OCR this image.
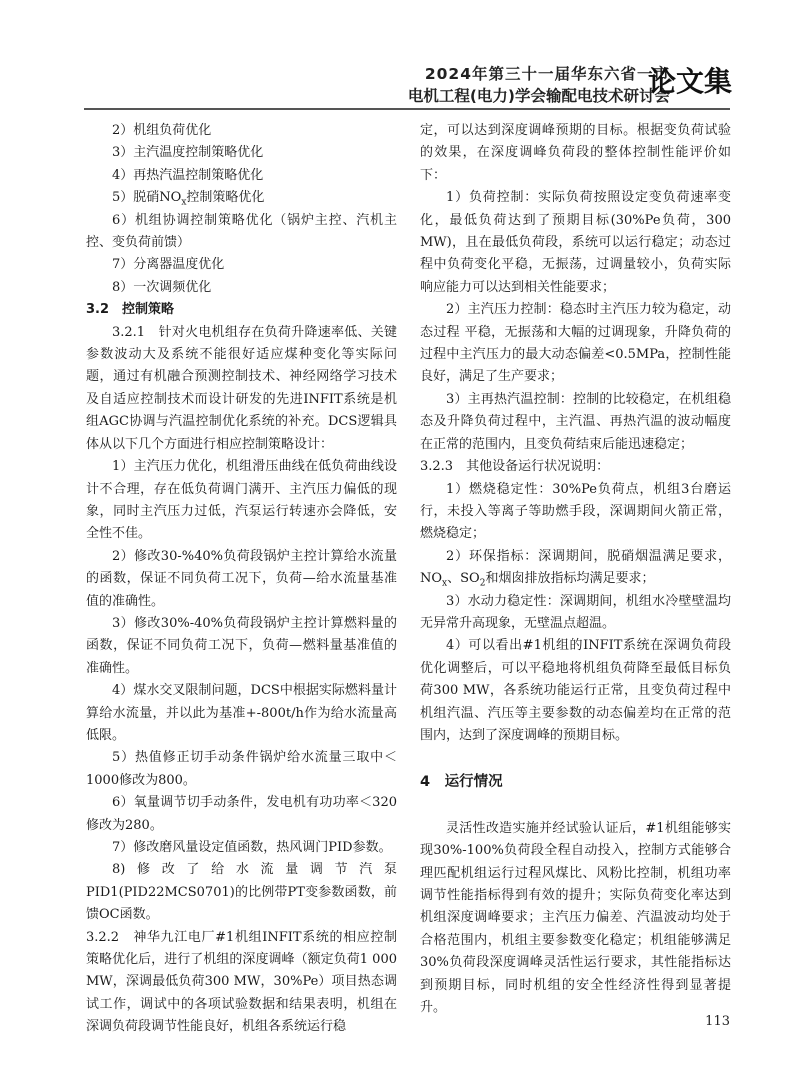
2024年第三十一届华东六省一市
电机工程(电力)学会输配电技术研讨会
论文集

2）机组负荷优化

3）主汽温度控制策略优化

4）再热汽温控制策略优化

5）脱硝$NO_x$控制策略优化

6）机组协调控制策略优化（锅炉主控、汽机主控、变负荷前馈）

7）分离器温度优化

8）一次调频优化

3.2　控制策略

3.2.1　针对火电机组存在负荷升降速率低、关键参数波动大及系统不能很好适应煤种变化等实际问题，通过有机融合预测控制技术、神经网络学习技术及自适应控制技术而设计研发的先进INFIT系统是机组AGC协调与汽温控制优化系统的补充。DCS逻辑具体从以下几个方面进行相应控制策略设计：

1）主汽压力优化，机组滑压曲线在低负荷曲线设计不合理，存在低负荷调门满开、主汽压力偏低的现象，同时主汽压力过低，汽泵运行转速亦会降低，安全性不佳。

2）修改30-%40%负荷段锅炉主控计算给水流量的函数，保证不同负荷工况下，负荷—给水流量基准值的准确性。

3）修改30%-40%负荷段锅炉主控计算燃料量的函数，保证不同负荷工况下，负荷—燃料量基准值的准确性。

4）煤水交叉限制问题，DCS中根据实际燃料量计算给水流量，并以此为基准+-800t/h作为给水流量高低限。

5）热值修正切手动条件锅炉给水流量三取中＜1000修改为800。

6）氧量调节切手动条件，发电机有功功率＜320修改为280。

7）修改磨风量设定值函数，热风调门PID参数。

8)修改了给水流量调节汽泵PID1(PID22MCS0701)的比例带PT变参数函数，前馈OC函数。

3.2.2　神华九江电厂#1机组INFIT系统的相应控制策略优化后，进行了机组的深度调峰（额定负荷1 000 MW，深调最低负荷300 MW，30%Pe）项目热态调试工作，调试中的各项试验数据和结果表明，机组在深调负荷段调节性能良好，机组各系统运行稳

定，可以达到深度调峰预期的目标。根据变负荷试验的效果，在深度调峰负荷段的整体控制性能评价如下：

1）负荷控制：实际负荷按照设定变负荷速率变化，最低负荷达到了预期目标(30%Pe负荷，300 MW)，且在最低负荷段，系统可以运行稳定；动态过程中负荷变化平稳，无振荡，过调量较小，负荷实际响应能力可以达到相关性能要求；

2）主汽压力控制：稳态时主汽压力较为稳定，动态过程 平稳，无振荡和大幅的过调现象，升降负荷的过程中主汽压力的最大动态偏差<0.5MPa，控制性能良好，满足了生产要求；

3）主再热汽温控制：控制的比较稳定，在机组稳态及升降负荷过程中，主汽温、再热汽温的波动幅度在正常的范围内，且变负荷结束后能迅速稳定；

3.2.3　其他设备运行状况说明：

1）燃烧稳定性：30%Pe负荷点，机组3台磨运行，未投入等离子等助燃手段，深调期间火箭正常，燃烧稳定；

2）环保指标：深调期间，脱硝烟温满足要求，$NO_x$、$SO_2$和烟囱排放指标均满足要求；

3）水动力稳定性：深调期间，机组水冷壁壁温均无异常升高现象，无壁温点超温。

4）可以看出#1机组的INFIT系统在深调负荷段优化调整后，可以平稳地将机组负荷降至最低目标负荷300 MW，各系统功能运行正常，且变负荷过程中机组汽温、汽压等主要参数的动态偏差均在正常的范围内，达到了深度调峰的预期目标。

4　运行情况

灵活性改造实施并经试验认证后，#1机组能够实现30%-100%负荷段全程自动投入，控制方式能够合理匹配机组运行过程风煤比、风粉比控制，机组功率调节性能指标得到有效的提升；实际负荷变化率达到机组深度调峰要求；主汽压力偏差、汽温波动均处于合格范围内，机组主要参数变化稳定；机组能够满足30%负荷段深度调峰灵活性运行要求，其性能指标达到预期目标，同时机组的安全性经济性得到显著提升。

113
